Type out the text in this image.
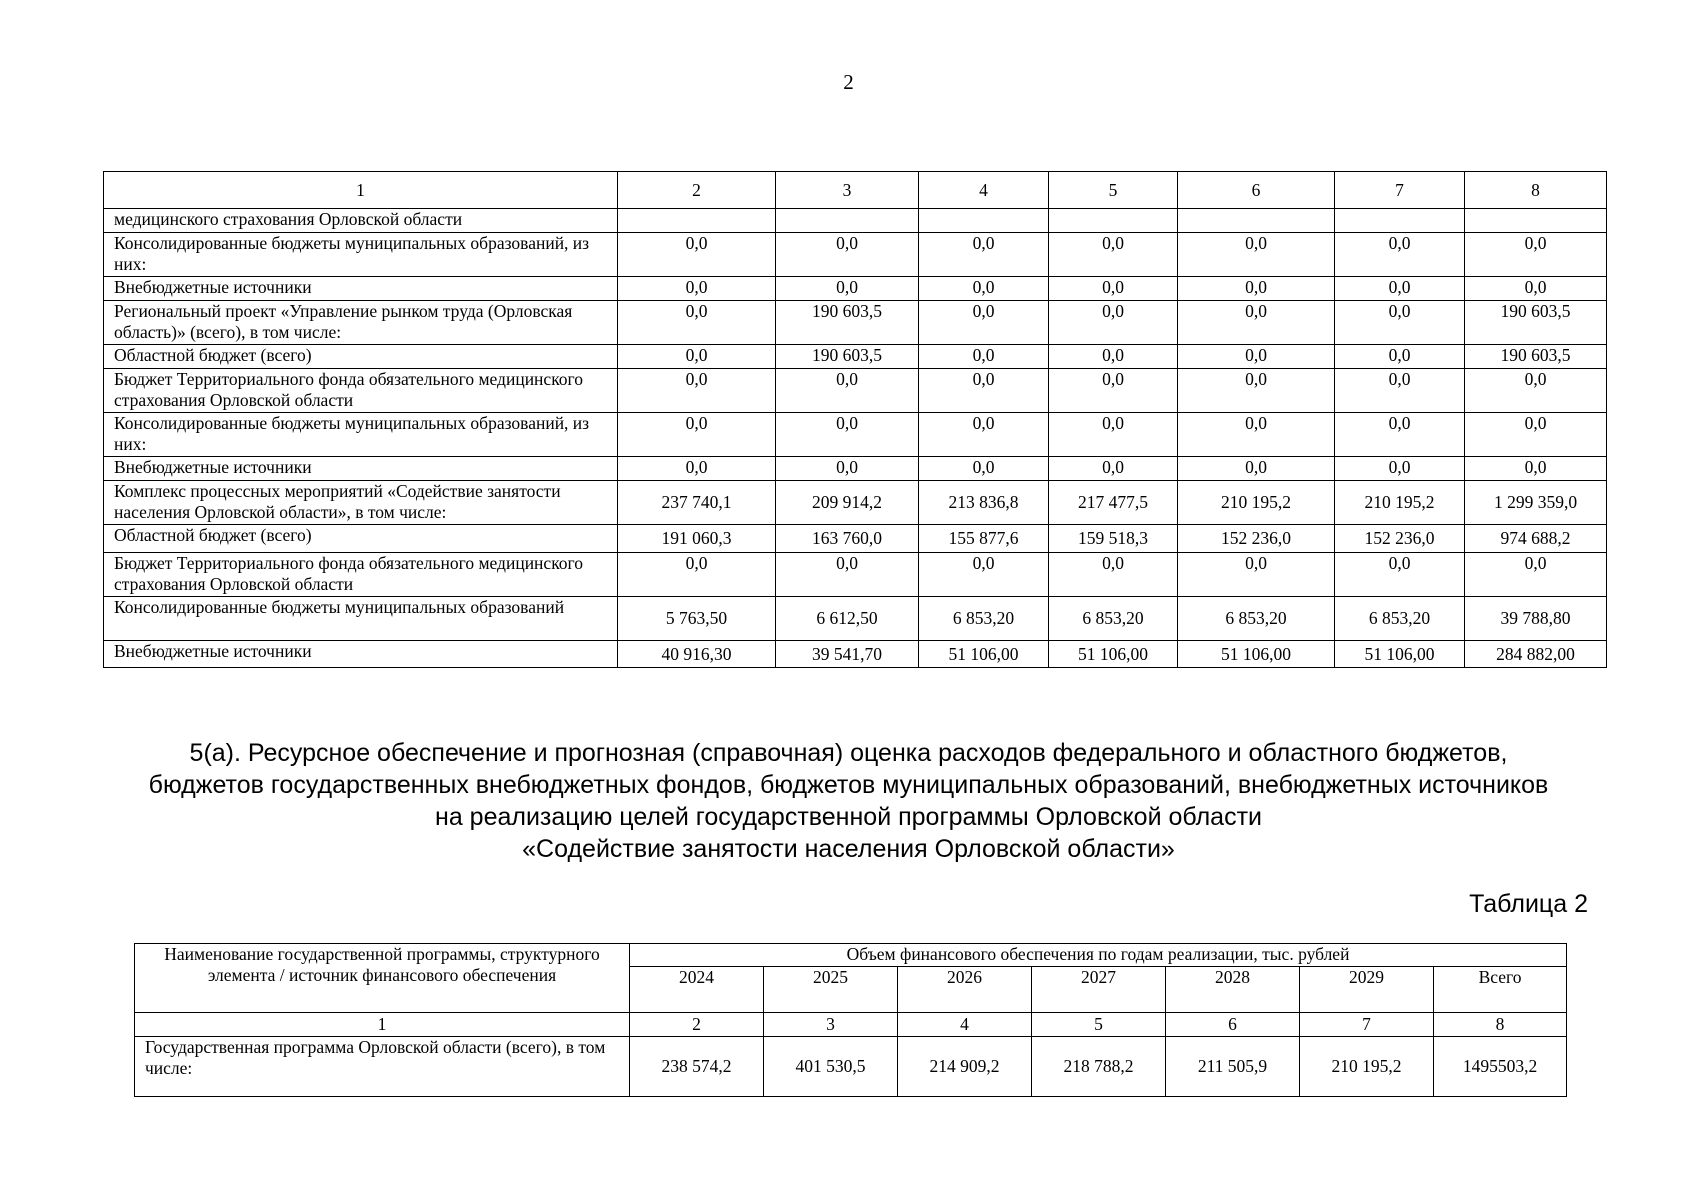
2
1	2	3	4	5	6	7	8
медицинского страхования Орловской области							
Консолидированные бюджеты муниципальных образований, из них:	0,0	0,0	0,0	0,0	0,0	0,0	0,0
Внебюджетные источники	0,0	0,0	0,0	0,0	0,0	0,0	0,0
Региональный проект «Управление рынком труда (Орловская область)» (всего), в том числе:	0,0	190 603,5	0,0	0,0	0,0	0,0	190 603,5
Областной бюджет (всего)	0,0	190 603,5	0,0	0,0	0,0	0,0	190 603,5
Бюджет Территориального фонда обязательного медицинского страхования Орловской области	0,0	0,0	0,0	0,0	0,0	0,0	0,0
Консолидированные бюджеты муниципальных образований, из них:	0,0	0,0	0,0	0,0	0,0	0,0	0,0
Внебюджетные источники	0,0	0,0	0,0	0,0	0,0	0,0	0,0
Комплекс процессных мероприятий «Содействие занятости населения Орловской области», в том числе:	237 740,1	209 914,2	213 836,8	217 477,5	210 195,2	210 195,2	1 299 359,0
Областной бюджет (всего)	191 060,3	163 760,0	155 877,6	159 518,3	152 236,0	152 236,0	974 688,2
Бюджет Территориального фонда обязательного медицинского страхования Орловской области	0,0	0,0	0,0	0,0	0,0	0,0	0,0
Консолидированные бюджеты муниципальных образований	5 763,50	6 612,50	6 853,20	6 853,20	6 853,20	6 853,20	39 788,80
Внебюджетные источники	40 916,30	39 541,70	51 106,00	51 106,00	51 106,00	51 106,00	284 882,00
5(а). Ресурсное обеспечение и прогнозная (справочная) оценка расходов федерального и областного бюджетов,
бюджетов государственных внебюджетных фондов, бюджетов муниципальных образований, внебюджетных источников
на реализацию целей государственной программы Орловской области
«Содействие занятости населения Орловской области»
Таблица 2
Наименование государственной программы, структурного элемента / источник финансового обеспечения	Объем финансового обеспечения по годам реализации, тыс. рублей						
	2024	2025	2026	2027	2028	2029	Всего
1	2	3	4	5	6	7	8
Государственная программа Орловской области (всего), в том числе:	238 574,2	401 530,5	214 909,2	218 788,2	211 505,9	210 195,2	1495503,2
